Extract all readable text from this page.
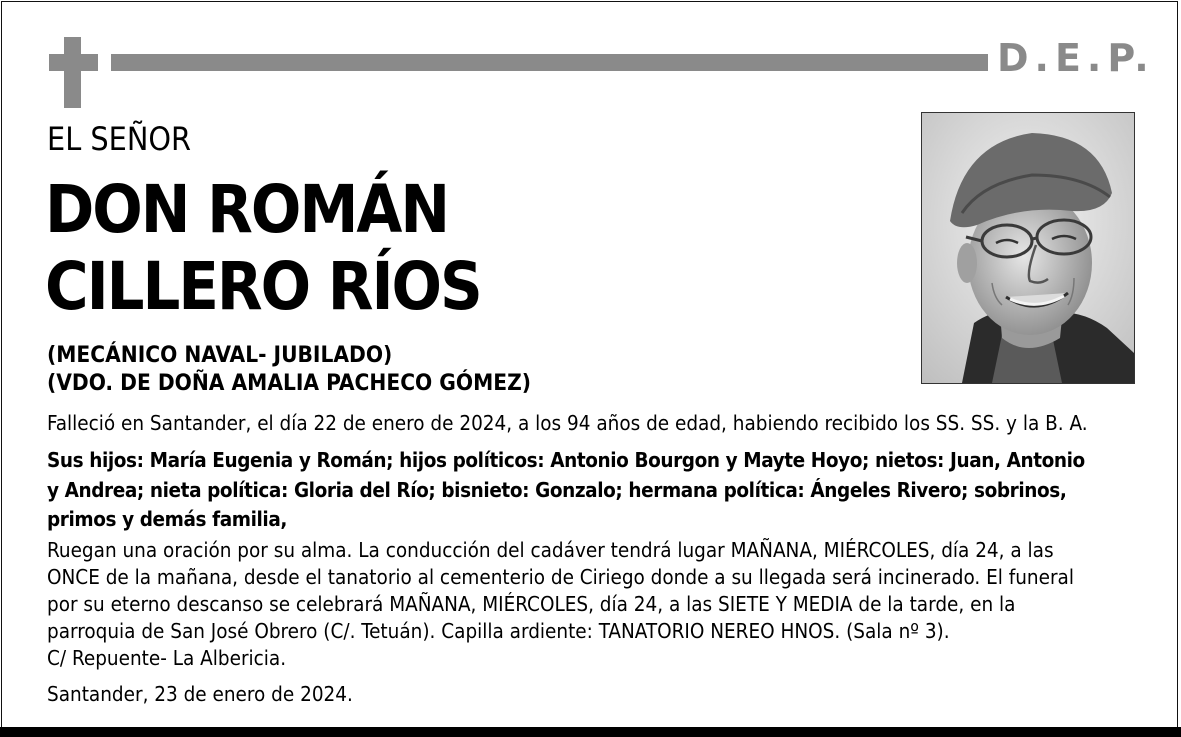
D.E.P.
EL SEÑOR
DON ROMÁN
CILLERO RÍOS
(MECÁNICO NAVAL- JUBILADO)
(VDO. DE DOÑA AMALIA PACHECO GÓMEZ)
Falleció en Santander, el día 22 de enero de 2024, a los 94 años de edad, habiendo recibido los SS. SS. y la B. A.
Sus hijos: María Eugenia y Román; hijos políticos: Antonio Bourgon y Mayte Hoyo; nietos: Juan, Antonio
y Andrea; nieta política: Gloria del Río; bisnieto: Gonzalo; hermana política: Ángeles Rivero; sobrinos,
primos y demás familia,
Ruegan una oración por su alma. La conducción del cadáver tendrá lugar MAÑANA, MIÉRCOLES, día 24, a las
ONCE de la mañana, desde el tanatorio al cementerio de Ciriego donde a su llegada será incinerado. El funeral
por su eterno descanso se celebrará MAÑANA, MIÉRCOLES, día 24, a las SIETE Y MEDIA de la tarde, en la
parroquia de San José Obrero (C/. Tetuán). Capilla ardiente: TANATORIO NEREO HNOS. (Sala nº 3).
C/ Repuente- La Albericia.
Santander, 23 de enero de 2024.
